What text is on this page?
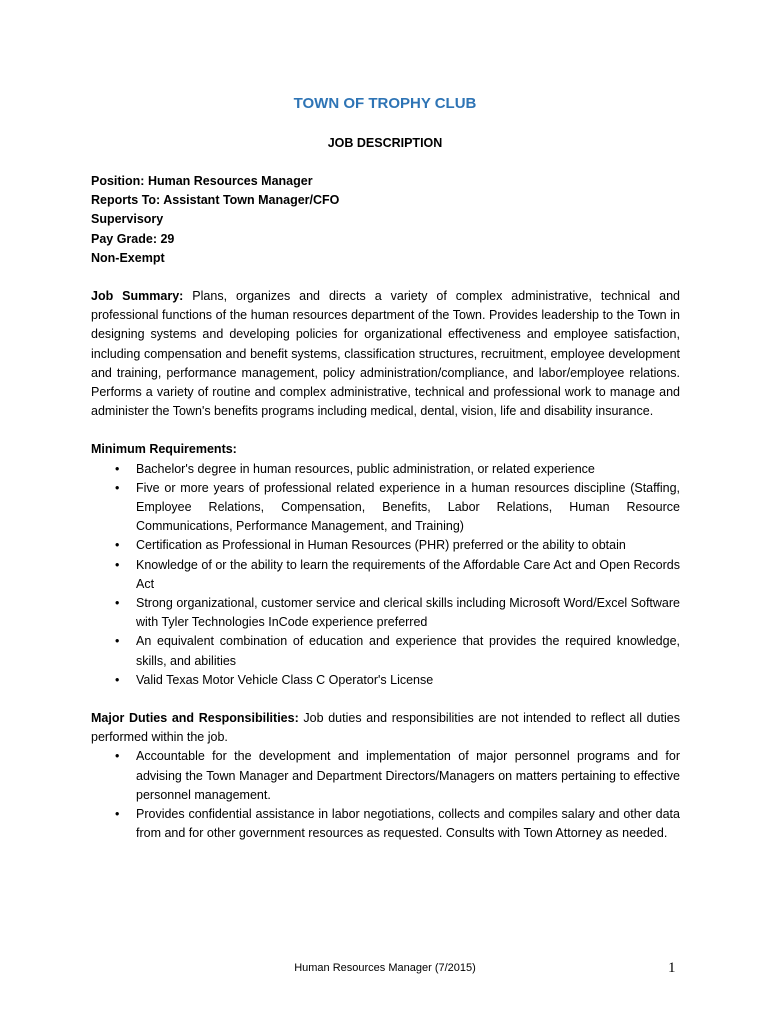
TOWN OF TROPHY CLUB
JOB DESCRIPTION

Position: Human Resources Manager

Reports To: Assistant Town Manager/CFO

Supervisory

Pay Grade: 29

Non-Exempt

Job Summary: Plans, organizes and directs a variety of complex administrative, technical and professional functions of the human resources department of the Town. Provides leadership to the Town in designing systems and developing policies for organizational effectiveness and employee satisfaction, including compensation and benefit systems, classification structures, recruitment, employee development and training, performance management, policy administration/compliance, and labor/employee relations. Performs a variety of routine and complex administrative, technical and professional work to manage and administer the Town's benefits programs including medical, dental, vision, life and disability insurance.

Minimum Requirements:

• Bachelor's degree in human resources, public administration, or related experience
• Five or more years of professional related experience in a human resources discipline (Staffing, Employee Relations, Compensation, Benefits, Labor Relations, Human Resource Communications, Performance Management, and Training)
• Certification as Professional in Human Resources (PHR) preferred or the ability to obtain
• Knowledge of or the ability to learn the requirements of the Affordable Care Act and Open Records Act
• Strong organizational, customer service and clerical skills including Microsoft Word/Excel Software with Tyler Technologies InCode experience preferred
• An equivalent combination of education and experience that provides the required knowledge, skills, and abilities
• Valid Texas Motor Vehicle Class C Operator's License

Major Duties and Responsibilities: Job duties and responsibilities are not intended to reflect all duties performed within the job.

• Accountable for the development and implementation of major personnel programs and for advising the Town Manager and Department Directors/Managers on matters pertaining to effective personnel management.
• Provides confidential assistance in labor negotiations, collects and compiles salary and other data from and for other government resources as requested. Consults with Town Attorney as needed.
Human Resources Manager (7/2015)	1
